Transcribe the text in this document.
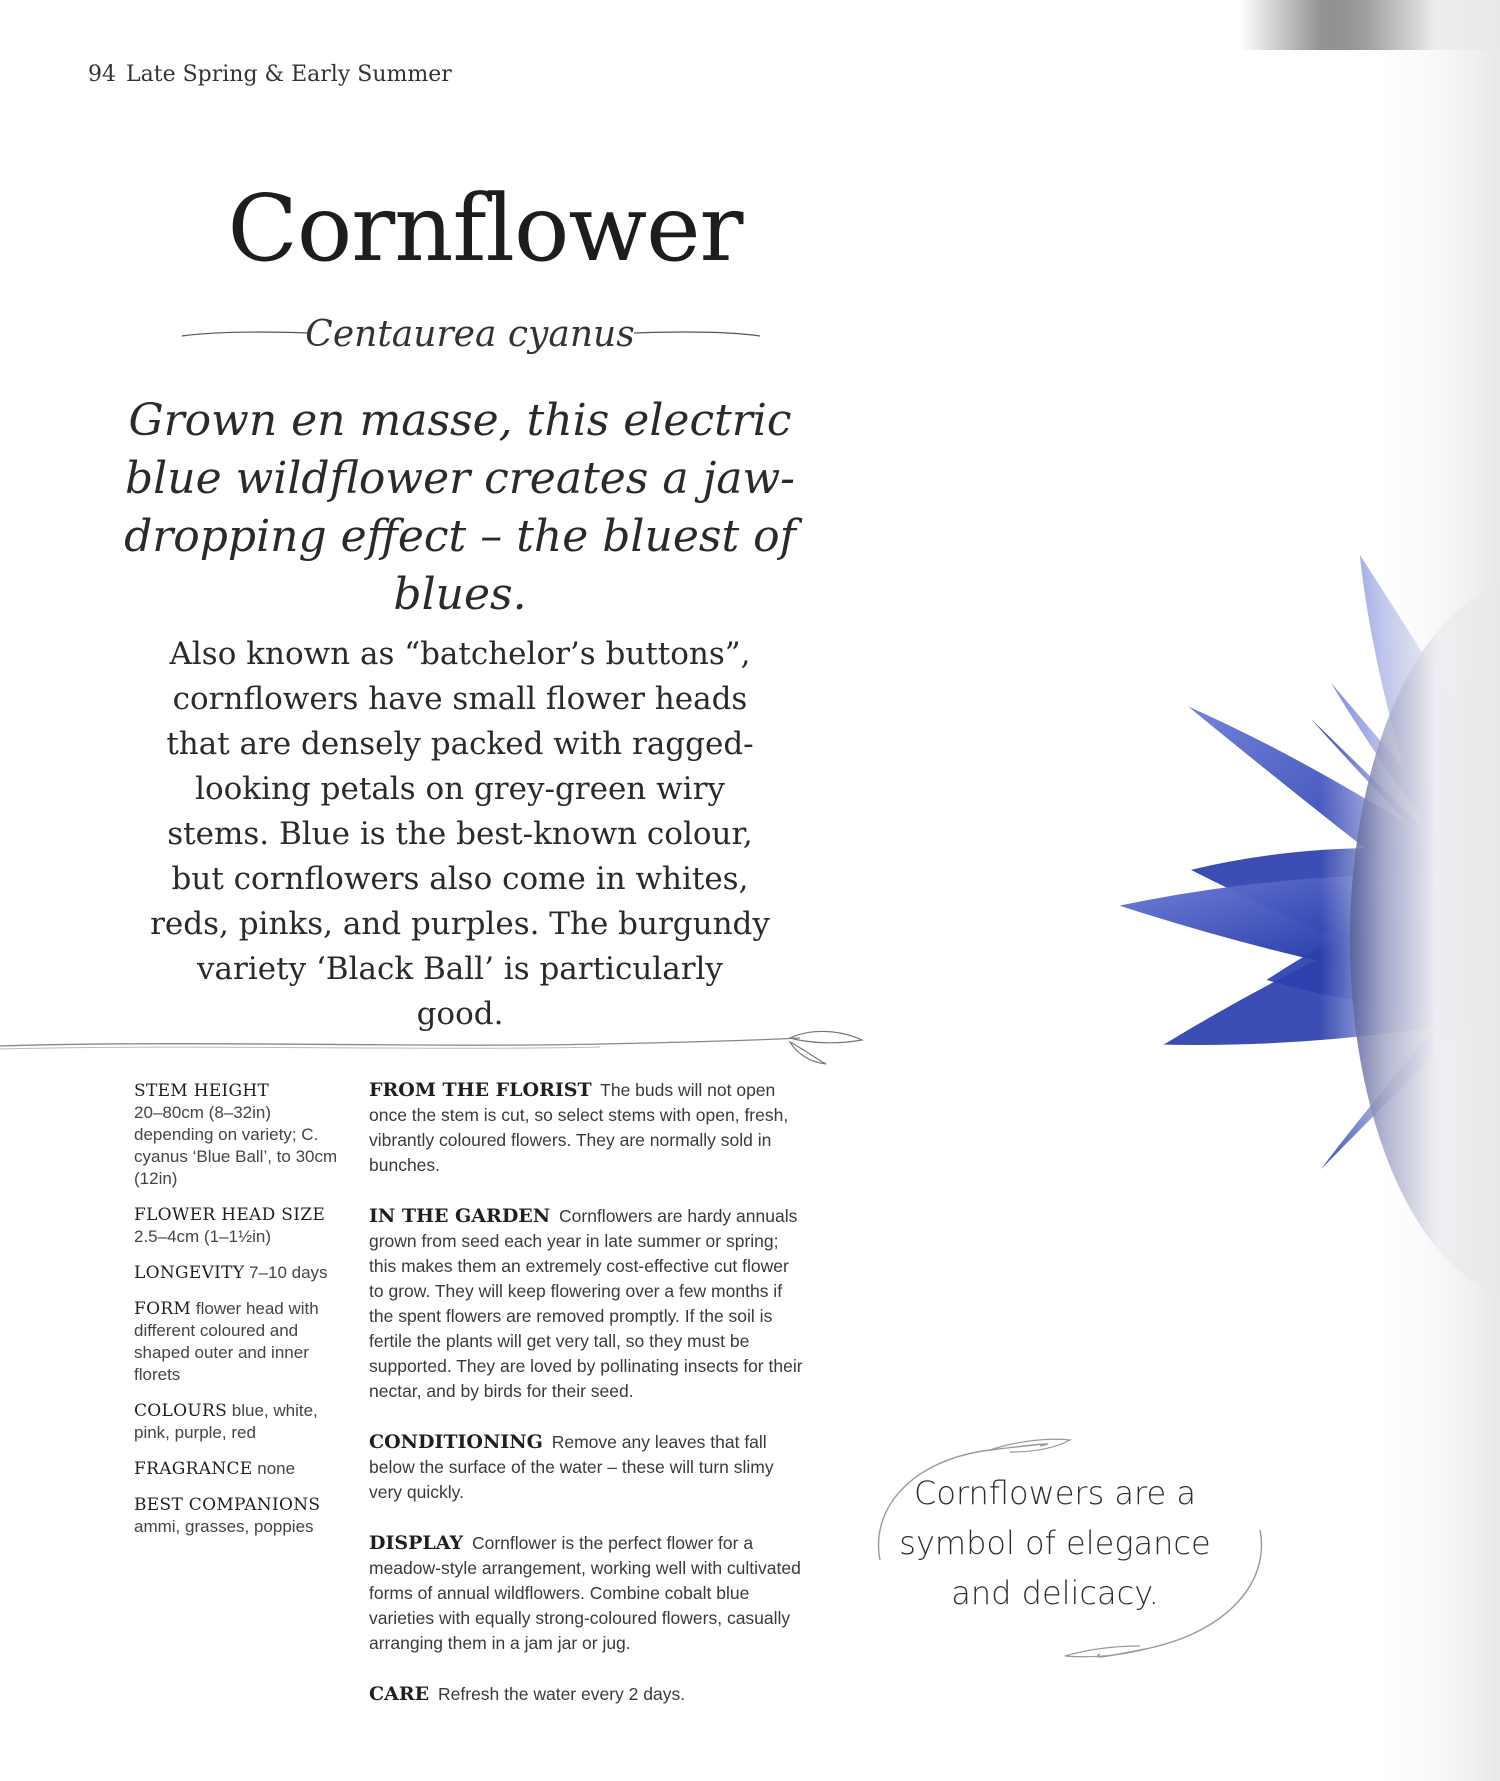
94 Late Spring & Early Summer
Cornflower
Centaurea cyanus
Grown en masse, this electric blue wildflower creates a jaw-dropping effect – the bluest of blues.
Also known as “batchelor’s buttons”, cornflowers have small flower heads that are densely packed with ragged-looking petals on grey-green wiry stems. Blue is the best-known colour, but cornflowers also come in whites, reds, pinks, and purples. The burgundy variety ‘Black Ball’ is particularly good.
STEM HEIGHT
20–80cm (8–32in) depending on variety; C. cyanus ‘Blue Ball’, to 30cm (12in)
FLOWER HEAD SIZE
2.5–4cm (1–1½in)
LONGEVITY 7–10 days
FORM flower head with different coloured and shaped outer and inner florets
COLOURS blue, white, pink, purple, red
FRAGRANCE none
BEST COMPANIONS
ammi, grasses, poppies
FROM THE FLORIST The buds will not open once the stem is cut, so select stems with open, fresh, vibrantly coloured flowers. They are normally sold in bunches.
IN THE GARDEN Cornflowers are hardy annuals grown from seed each year in late summer or spring; this makes them an extremely cost-effective cut flower to grow. They will keep flowering over a few months if the spent flowers are removed promptly. If the soil is fertile the plants will get very tall, so they must be supported. They are loved by pollinating insects for their nectar, and by birds for their seed.
CONDITIONING Remove any leaves that fall below the surface of the water – these will turn slimy very quickly.
DISPLAY Cornflower is the perfect flower for a meadow-style arrangement, working well with cultivated forms of annual wildflowers. Combine cobalt blue varieties with equally strong-coloured flowers, casually arranging them in a jam jar or jug.
CARE Refresh the water every 2 days.
Cornflowers are a symbol of elegance and delicacy.
